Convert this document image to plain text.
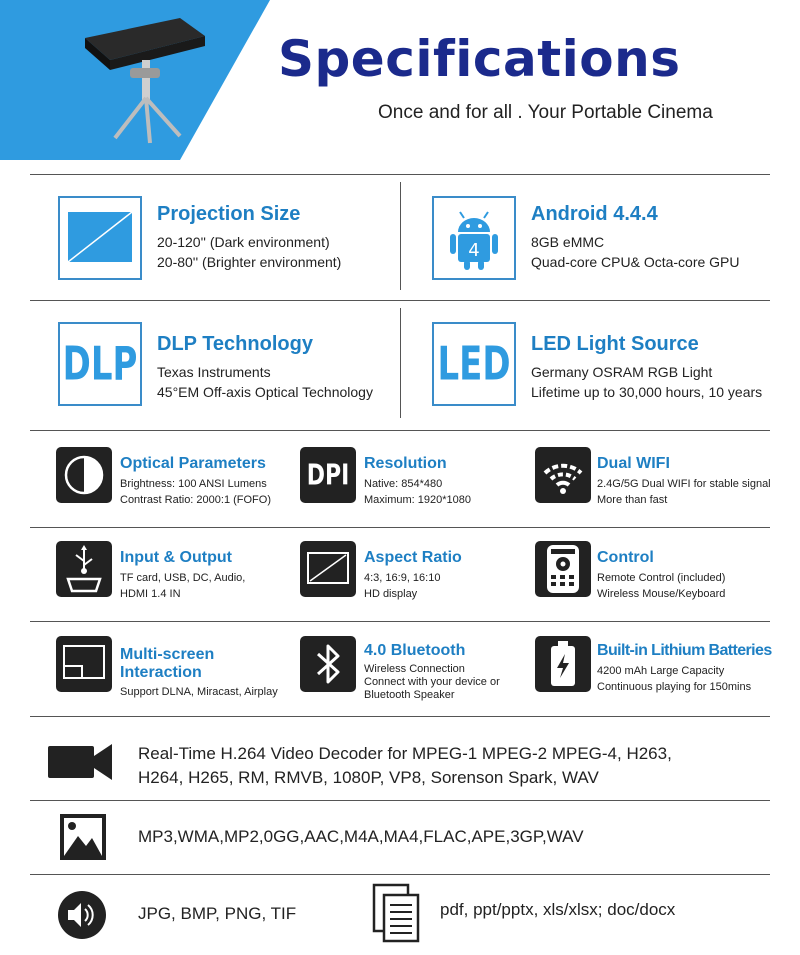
Specifications
Once and for all . Your Portable Cinema
Projection Size
20-120'' (Dark environment)
20-80'' (Brighter environment)
4
Android 4.4.4
8GB eMMC
Quad-core CPU& Octa-core GPU
DLP DLP Technology
Texas Instruments
45°EM Off-axis Optical Technology
LED LED Light Source
Germany OSRAM RGB Light
Lifetime up to 30,000 hours, 10 years
Optical Parameters
Brightness: 100 ANSI Lumens
Contrast Ratio: 2000:1 (FOFO)
DPI Resolution
Native: 854*480
Maximum: 1920*1080
Dual WIFI
2.4G/5G Dual WIFI for stable signal
More than fast
Input & Output
TF card, USB, DC, Audio,
HDMI 1.4 IN
Aspect Ratio
4:3, 16:9, 16:10
HD display
Control
Remote Control (included)
Wireless Mouse/Keyboard
Multi-screen
Interaction
Support DLNA, Miracast, Airplay
4.0 Bluetooth
Wireless Connection
Connect with your device or
Bluetooth Speaker
Built-in Lithium Batteries
4200 mAh Large Capacity
Continuous playing for 150mins
Real-Time H.264 Video Decoder for MPEG-1 MPEG-2 MPEG-4, H263,
H264, H265, RM, RMVB, 1080P, VP8, Sorenson Spark, WAV
MP3,WMA,MP2,0GG,AAC,M4A,MA4,FLAC,APE,3GP,WAV
JPG, BMP, PNG, TIF	pdf, ppt/pptx, xls/xlsx; doc/docx
